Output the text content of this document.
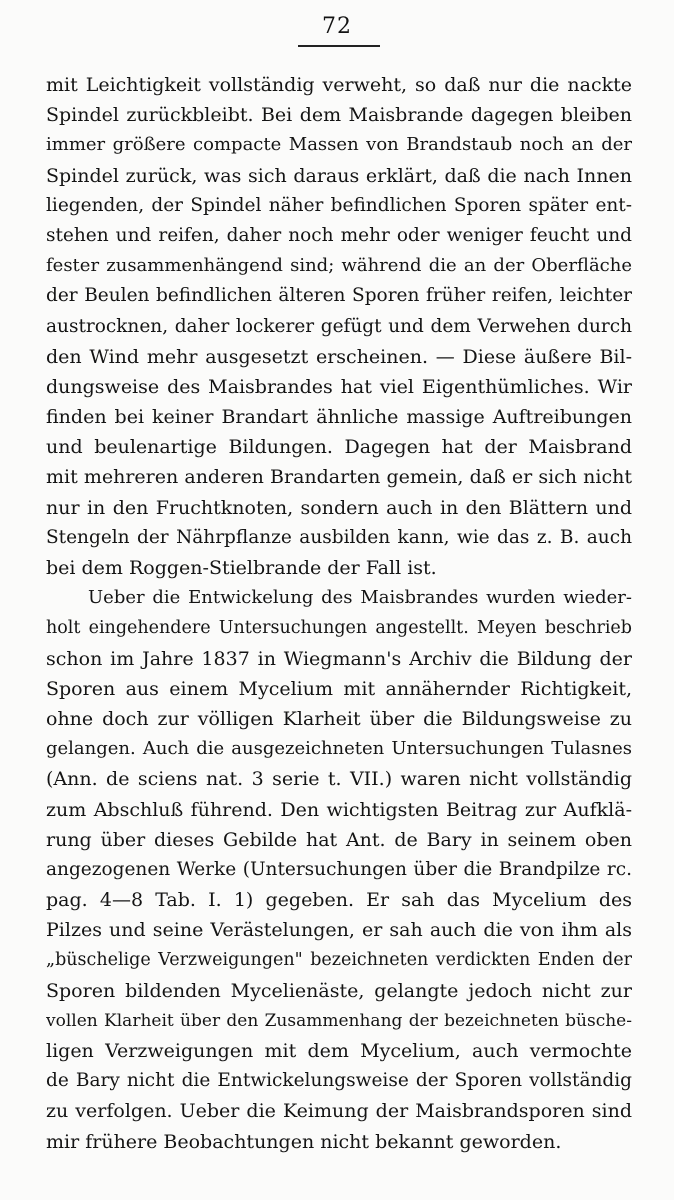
72
mit Leichtigkeit vollständig verweht, so daß nur die nackte
Spindel zurückbleibt. Bei dem Maisbrande dagegen bleiben
immer größere compacte Massen von Brandstaub noch an der
Spindel zurück, was sich daraus erklärt, daß die nach Innen
liegenden, der Spindel näher befindlichen Sporen später ent-
stehen und reifen, daher noch mehr oder weniger feucht und
fester zusammenhängend sind; während die an der Oberfläche
der Beulen befindlichen älteren Sporen früher reifen, leichter
austrocknen, daher lockerer gefügt und dem Verwehen durch
den Wind mehr ausgesetzt erscheinen. — Diese äußere Bil-
dungsweise des Maisbrandes hat viel Eigenthümliches. Wir
finden bei keiner Brandart ähnliche massige Auftreibungen
und beulenartige Bildungen. Dagegen hat der Maisbrand
mit mehreren anderen Brandarten gemein, daß er sich nicht
nur in den Fruchtknoten, sondern auch in den Blättern und
Stengeln der Nährpflanze ausbilden kann, wie das z. B. auch
bei dem Roggen-Stielbrande der Fall ist.
Ueber die Entwickelung des Maisbrandes wurden wieder-
holt eingehendere Untersuchungen angestellt. Meyen beschrieb
schon im Jahre 1837 in Wiegmann's Archiv die Bildung der
Sporen aus einem Mycelium mit annähernder Richtigkeit,
ohne doch zur völligen Klarheit über die Bildungsweise zu
gelangen. Auch die ausgezeichneten Untersuchungen Tulasnes
(Ann. de sciens nat. 3 serie t. VII.) waren nicht vollständig
zum Abschluß führend. Den wichtigsten Beitrag zur Aufklä-
rung über dieses Gebilde hat Ant. de Bary in seinem oben
angezogenen Werke (Untersuchungen über die Brandpilze rc.
pag. 4—8 Tab. I. 1) gegeben. Er sah das Mycelium des
Pilzes und seine Verästelungen, er sah auch die von ihm als
„büschelige Verzweigungen" bezeichneten verdickten Enden der
Sporen bildenden Mycelienäste, gelangte jedoch nicht zur
vollen Klarheit über den Zusammenhang der bezeichneten büsche-
ligen Verzweigungen mit dem Mycelium, auch vermochte
de Bary nicht die Entwickelungsweise der Sporen vollständig
zu verfolgen. Ueber die Keimung der Maisbrandsporen sind
mir frühere Beobachtungen nicht bekannt geworden.
